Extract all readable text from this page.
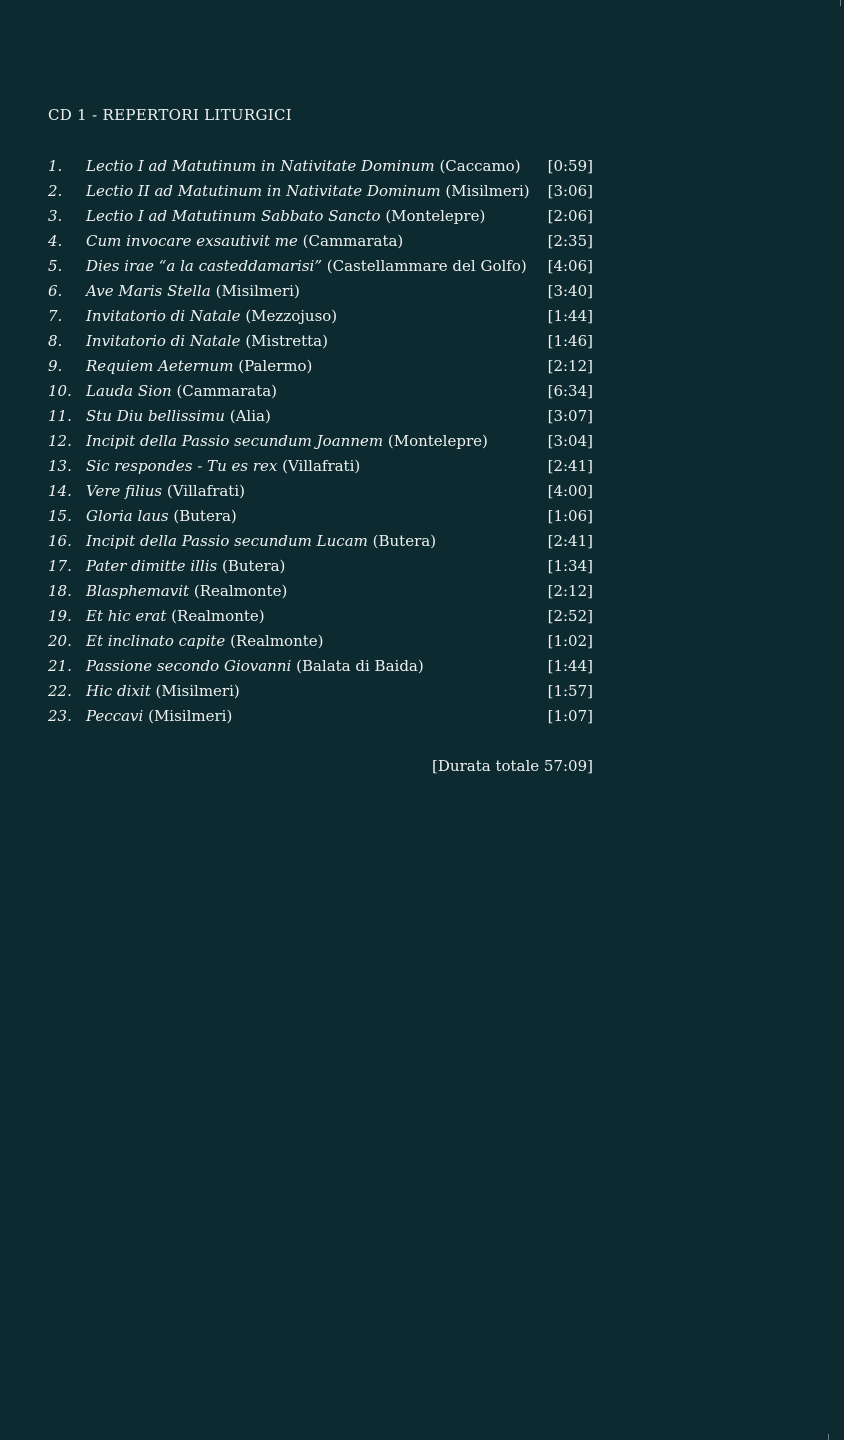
CD 1 - REPERTORI LITURGICI
1.	Lectio I ad Matutinum in Nativitate Dominum (Caccamo) [0:59]
2.	Lectio II ad Matutinum in Nativitate Dominum (Misilmeri) [3:06]
3.	Lectio I ad Matutinum Sabbato Sancto (Montelepre)	[2:06]
4.	Cum invocare exsautivit me (Cammarata)	[2:35]
5.	Dies irae “a la casteddamarisi” (Castellammare del Golfo) [4:06]
6.	Ave Maris Stella (Misilmeri)	[3:40]
7.	Invitatorio di Natale (Mezzojuso)	[1:44]
8.	Invitatorio di Natale (Mistretta)	[1:46]
9.	Requiem Aeternum (Palermo)	[2:12]
10. Lauda Sion (Cammarata)	[6:34]
11. Stu Diu bellissimu (Alia)	[3:07]
12. Incipit della Passio secundum Joannem (Montelepre)	[3:04]
13. Sic respondes - Tu es rex (Villafrati)	[2:41]
14. Vere filius (Villafrati)	[4:00]
15. Gloria laus (Butera)	[1:06]
16. Incipit della Passio secundum Lucam (Butera)	[2:41]
17. Pater dimitte illis (Butera)	[1:34]
18. Blasphemavit (Realmonte)	[2:12]
19. Et hic erat (Realmonte)	[2:52]
20. Et inclinato capite (Realmonte)	[1:02]
21. Passione secondo Giovanni (Balata di Baida)	[1:44]
22. Hic dixit (Misilmeri)	[1:57]
23. Peccavi (Misilmeri)	[1:07]
[Durata totale 57:09]
